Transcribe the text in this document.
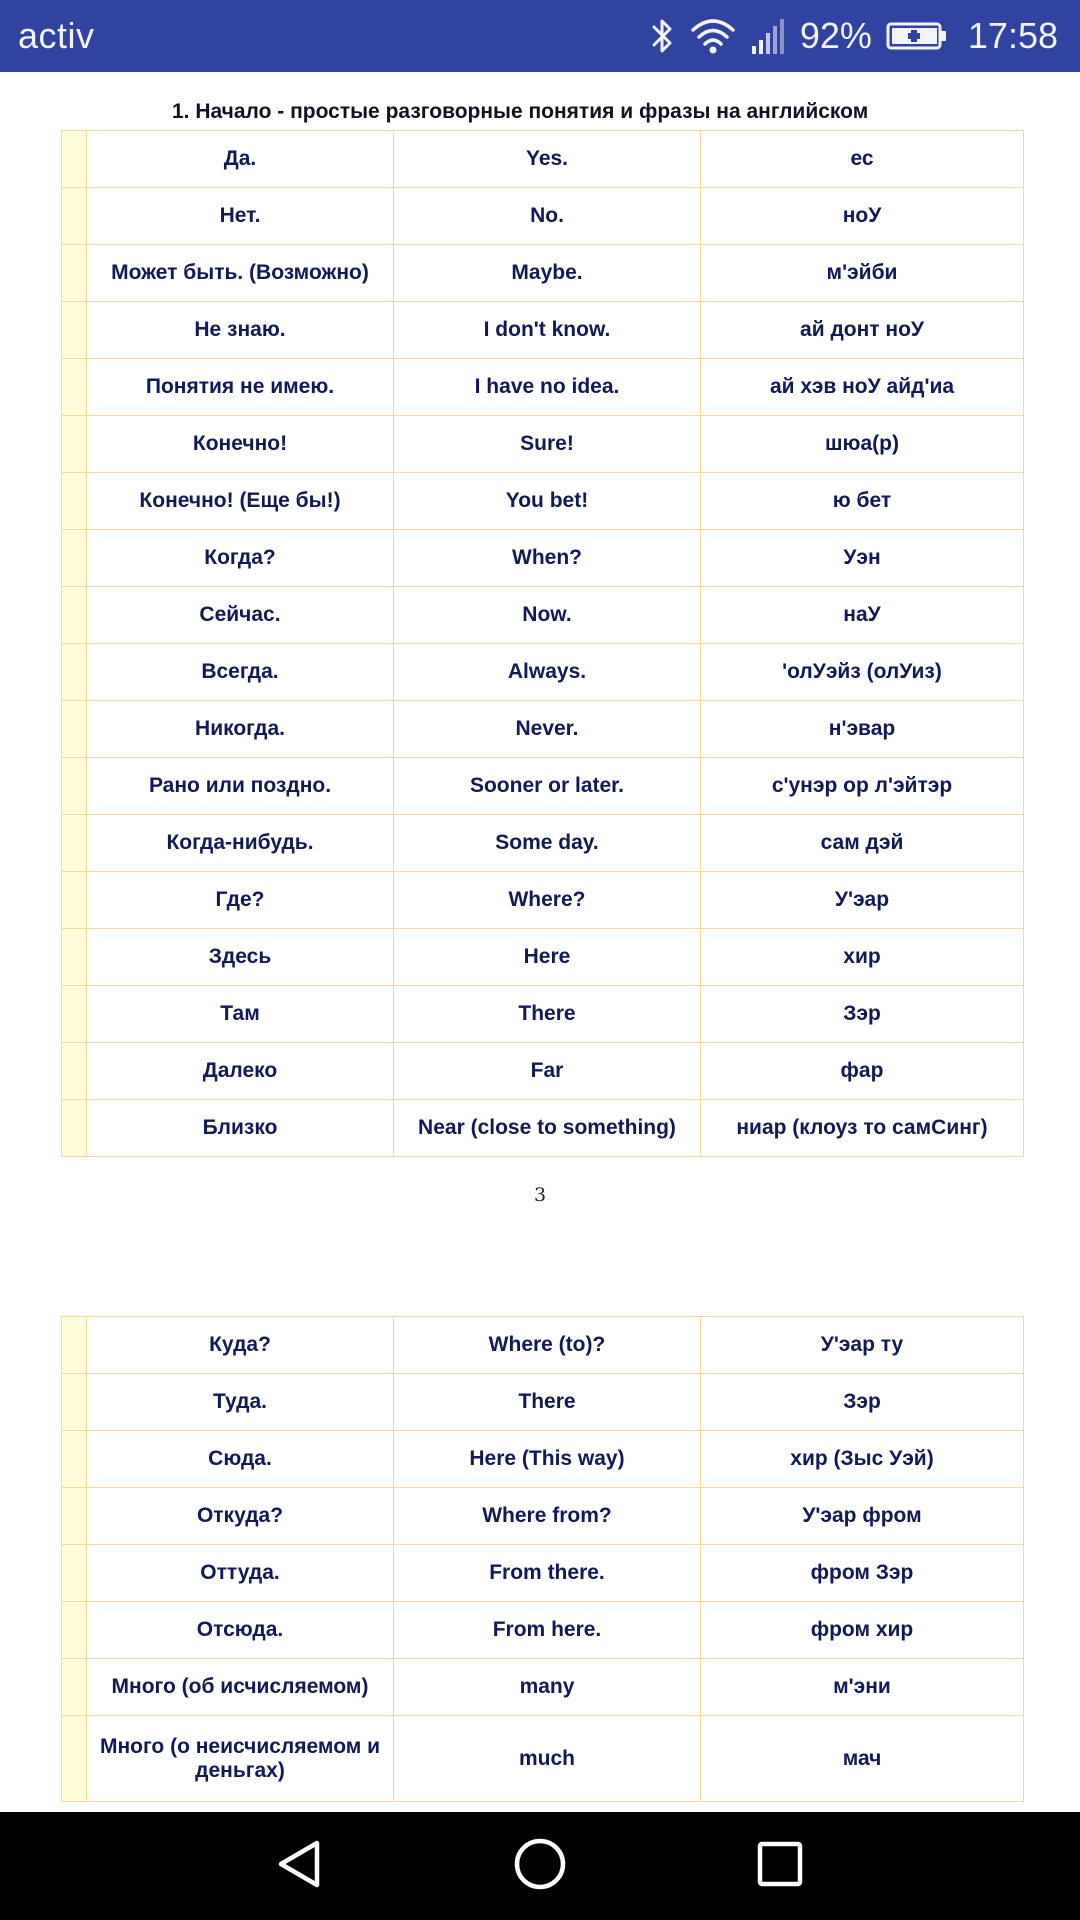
activ	92%	17:58
1. Начало - простые разговорные понятия и фразы на английском
	Да.	Yes.	ес
	Нет.	No.	ноУ
	Может быть. (Возможно)	Maybe.	м'эйби
	Не знаю.	I don't know.	ай донт ноУ
	Понятия не имею.	I have no idea.	ай хэв ноУ айд'иа
	Конечно!	Sure!	шюа(р)
	Конечно! (Еще бы!)	You bet!	ю бет
	Когда?	When?	Уэн
	Сейчас.	Now.	наУ
	Всегда.	Always.	'олУэйз (олУиз)
	Никогда.	Never.	н'эвар
	Рано или поздно.	Sooner or later.	с'унэр ор л'эйтэр
	Когда-нибудь.	Some day.	сам дэй
	Где?	Where?	У'эар
	Здесь	Here	хир
	Там	There	Зэр
	Далеко	Far	фар
	Близко	Near (close to something)	ниар (клоуз то самСинг)
3
	Куда?	Where (to)?	У'эар ту
	Туда.	There	Зэр
	Сюда.	Here (This way)	хир (Зыс Уэй)
	Откуда?	Where from?	У'эар фром
	Оттуда.	From there.	фром Зэр
	Отсюда.	From here.	фром хир
	Много (об исчисляемом)	many	м'эни
	Много (о неисчисляемом и деньгах)	much	мач
